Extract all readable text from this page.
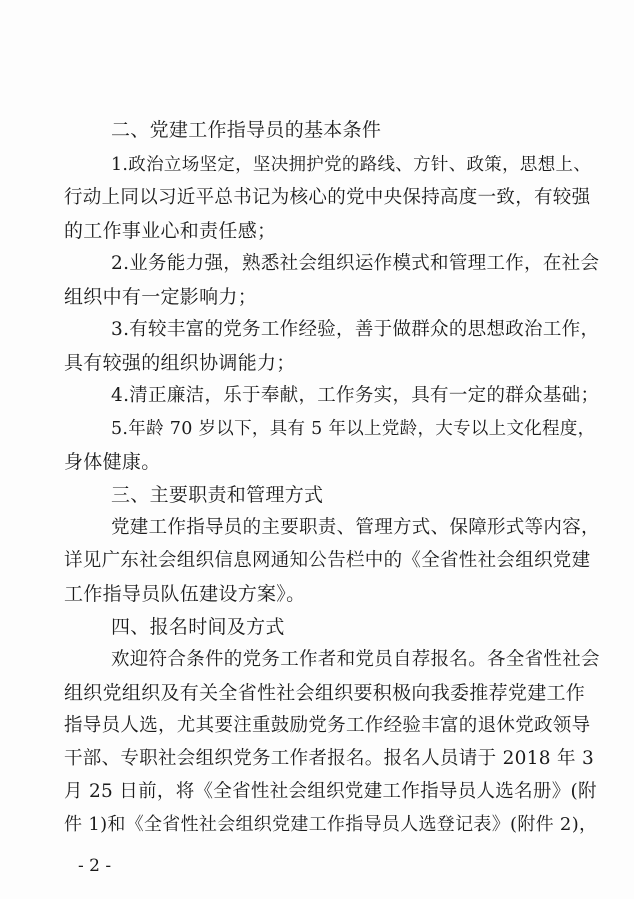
二、党建工作指导员的基本条件
1.政治立场坚定，坚决拥护党的路线、方针、政策，思想上、
行动上同以习近平总书记为核心的党中央保持高度一致，有较强
的工作事业心和责任感；
2.业务能力强，熟悉社会组织运作模式和管理工作，在社会
组织中有一定影响力；
3.有较丰富的党务工作经验，善于做群众的思想政治工作，
具有较强的组织协调能力；
4.清正廉洁，乐于奉献，工作务实，具有一定的群众基础；
5.年龄 70 岁以下，具有 5 年以上党龄，大专以上文化程度，
身体健康。
三、主要职责和管理方式
党建工作指导员的主要职责、管理方式、保障形式等内容，
详见广东社会组织信息网通知公告栏中的《全省性社会组织党建
工作指导员队伍建设方案》。
四、报名时间及方式
欢迎符合条件的党务工作者和党员自荐报名。各全省性社会
组织党组织及有关全省性社会组织要积极向我委推荐党建工作
指导员人选，尤其要注重鼓励党务工作经验丰富的退休党政领导
干部、专职社会组织党务工作者报名。报名人员请于 2018 年 3
月 25 日前，将《全省性社会组织党建工作指导员人选名册》(附
件 1)和《全省性社会组织党建工作指导员人选登记表》(附件 2)，
- 2 -
